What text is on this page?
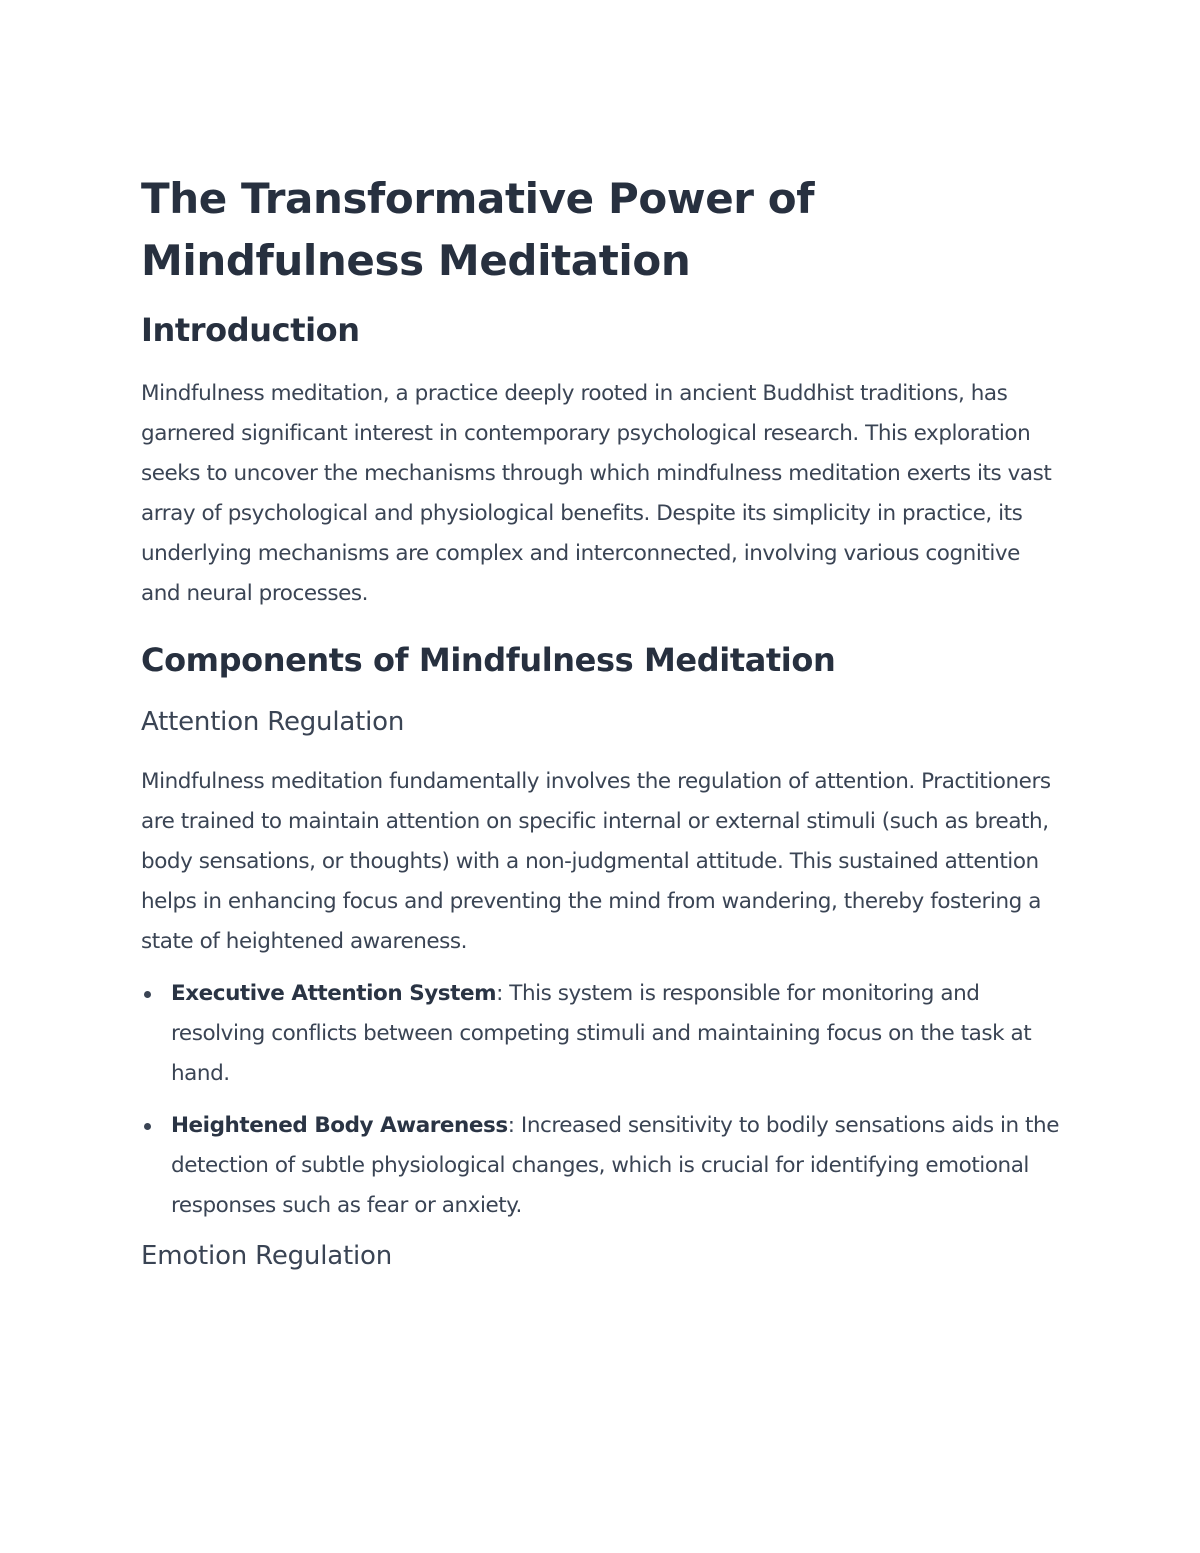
The Transformative Power of Mindfulness Meditation
Introduction

Mindfulness meditation, a practice deeply rooted in ancient Buddhist traditions, has garnered significant interest in contemporary psychological research. This exploration seeks to uncover the mechanisms through which mindfulness meditation exerts its vast array of psychological and physiological benefits. Despite its simplicity in practice, its underlying mechanisms are complex and interconnected, involving various cognitive and neural processes.

Components of Mindfulness Meditation
Attention Regulation

Mindfulness meditation fundamentally involves the regulation of attention. Practitioners are trained to maintain attention on specific internal or external stimuli (such as breath, body sensations, or thoughts) with a non-judgmental attitude. This sustained attention helps in enhancing focus and preventing the mind from wandering, thereby fostering a state of heightened awareness.

Executive Attention System: This system is responsible for monitoring and resolving conflicts between competing stimuli and maintaining focus on the task at hand.
Heightened Body Awareness: Increased sensitivity to bodily sensations aids in the detection of subtle physiological changes, which is crucial for identifying emotional responses such as fear or anxiety.
Emotion Regulation
